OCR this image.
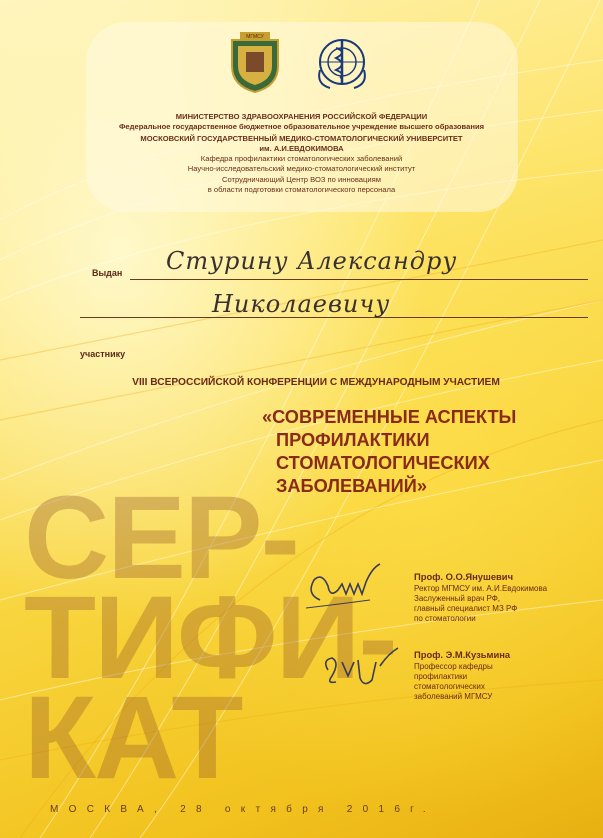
МГМСУ
МИНИСТЕРСТВО ЗДРАВООХРАНЕНИЯ РОССИЙСКОЙ ФЕДЕРАЦИИ
Федеральное государственное бюджетное образовательное учреждение высшего образования
МОСКОВСКИЙ ГОСУДАРСТВЕННЫЙ МЕДИКО-СТОМАТОЛОГИЧЕСКИЙ УНИВЕРСИТЕТ
им. А.И.ЕВДОКИМОВА
Кафедра профилактики стоматологических заболеваний
Научно-исследовательский медико-стоматологический институт
Сотрудничающий Центр ВОЗ по инновациям
в области подготовки стоматологического персонала
Выдан Стурину Александру
Николаевичу
участнику
VIII ВСЕРОССИЙСКОЙ КОНФЕРЕНЦИИ С МЕЖДУНАРОДНЫМ УЧАСТИЕМ
«СОВРЕМЕННЫЕ АСПЕКТЫ
ПРОФИЛАКТИКИ
СТОМАТОЛОГИЧЕСКИХ
ЗАБОЛЕВАНИЙ»
СЕР-
ТИФИ-
КАТ
Проф. О.О.Янушевич
Ректор МГМСУ им. А.И.Евдокимова
Заслуженный врач РФ,
главный специалист МЗ РФ
по стоматологии
Проф. Э.М.Кузьмина
Профессор кафедры
профилактики
стоматологических
заболеваний МГМСУ
МОСКВА, 28 октября 2016г.
